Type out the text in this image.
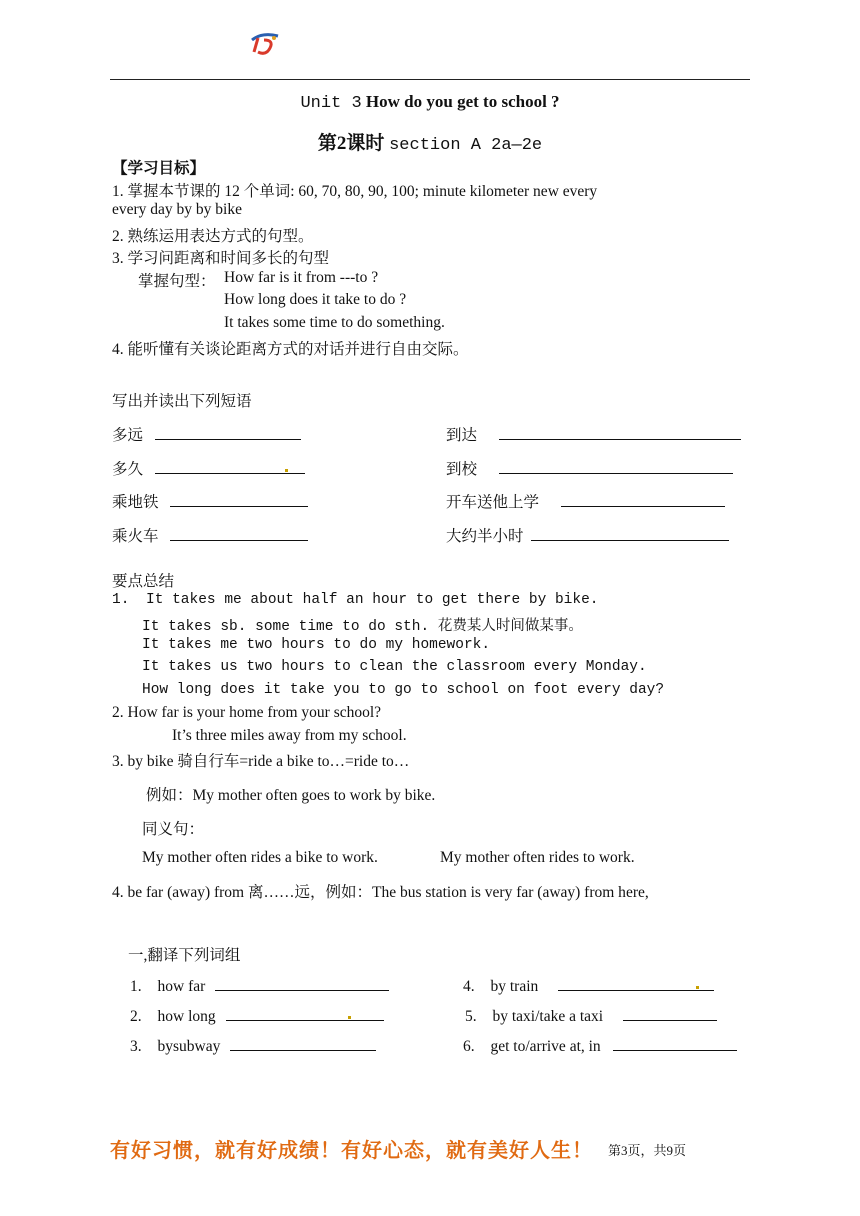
Unit 3 How do you get to school ?
第2课时 section A 2a—2e
【学习目标】
1. 掌握本节课的 12 个单词: 60, 70, 80, 90, 100; minute kilometer new every
every day by by bike
2. 熟练运用表达方式的句型。
3. 学习问距离和时间多长的句型
掌握句型： How far is it from ---to ?
How long does it take to do ?
It takes some time to do something.
4. 能听懂有关谈论距离方式的对话并进行自由交际。
写出并读出下列短语
多远
多久
乘地铁
乘火车
到达
到校
开车送他上学
大约半小时
要点总结
1. It takes me about half an hour to get there by bike.
It takes sb. some time to do sth. 花费某人时间做某事。
It takes me two hours to do my homework.
It takes us two hours to clean the classroom every Monday.
How long does it take you to go to school on foot every day?
2. How far is your home from your school?
It’s three miles away from my school.
3. by bike 骑自行车=ride a bike to…=ride to…
例如：My mother often goes to work by bike.
同义句：
My mother often rides a bike to work.	My mother often rides to work.
4. be far (away) from 离……远，例如：The bus station is very far (away) from here,
一,翻译下列词组
1. how far
2. how long
3. bysubway
4. by train
5. by taxi/take a taxi
6. get to/arrive at, in
有好习惯，就有好成绩！有好心态，就有美好人生！ 第3页，共9页
